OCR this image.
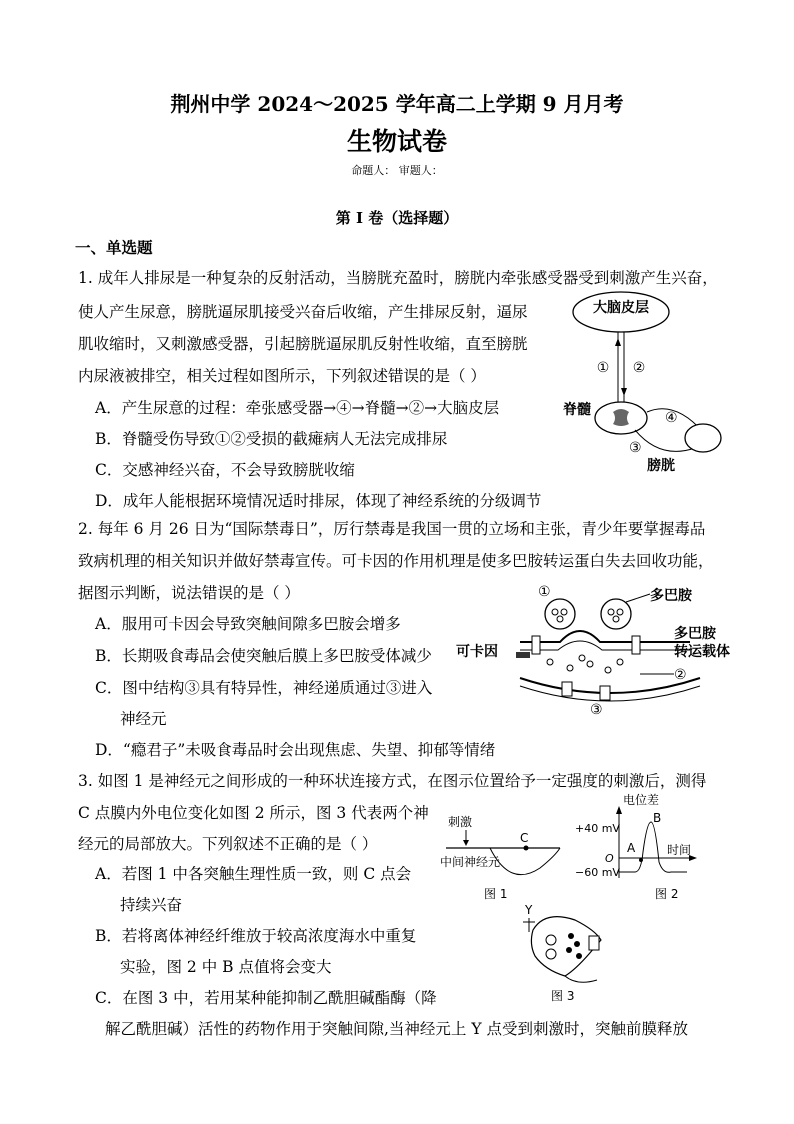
荆州中学 2024～2025 学年高二上学期 9 月月考
生物试卷
命题人： 审题人：
第 I 卷（选择题）
一、单选题
1. 成年人排尿是一种复杂的反射活动，当膀胱充盈时，膀胱内牵张感受器受到刺激产生兴奋，
使人产生尿意，膀胱逼尿肌接受兴奋后收缩，产生排尿反射，逼尿
肌收缩时，又刺激感受器，引起膀胱逼尿肌反射性收缩，直至膀胱
内尿液被排空，相关过程如图所示，下列叙述错误的是（ ）
A．产生尿意的过程：牵张感受器→④→脊髓→②→大脑皮层
B．脊髓受伤导致①②受损的截瘫病人无法完成排尿
C．交感神经兴奋，不会导致膀胱收缩
D．成年人能根据环境情况适时排尿，体现了神经系统的分级调节
大脑皮层
① ②
脊髓	④
③
膀胱
2. 每年 6 月 26 日为“国际禁毒日”，厉行禁毒是我国一贯的立场和主张，青少年要掌握毒品
致病机理的相关知识并做好禁毒宣传。可卡因的作用机理是使多巴胺转运蛋白失去回收功能，
据图示判断，说法错误的是（ ）
A．服用可卡因会导致突触间隙多巴胺会增多
B．长期吸食毒品会使突触后膜上多巴胺受体减少
C．图中结构③具有特异性，神经递质通过③进入
神经元
D．“瘾君子”未吸食毒品时会出现焦虑、失望、抑郁等情绪
①	多巴胺
多巴胺
转运载体
可卡因
②
③
3. 如图 1 是神经元之间形成的一种环状连接方式，在图示位置给予一定强度的刺激后，测得
C 点膜内外电位变化如图 2 所示，图 3 代表两个神
经元的局部放大。下列叙述不正确的是（ ）
A．若图 1 中各突触生理性质一致，则 C 点会
持续兴奋
B．若将离体神经纤维放于较高浓度海水中重复
实验，图 2 中 B 点值将会变大
C．在图 3 中，若用某种能抑制乙酰胆碱酯酶（降
解乙酰胆碱）活性的药物作用于突触间隙,当神经元上 Y 点受到刺激时，突触前膜释放
刺激
C
中间神经元
图 1
电位差
时间
+40 mV
O
−60 mV
A
B
图 2
Y
图 3
